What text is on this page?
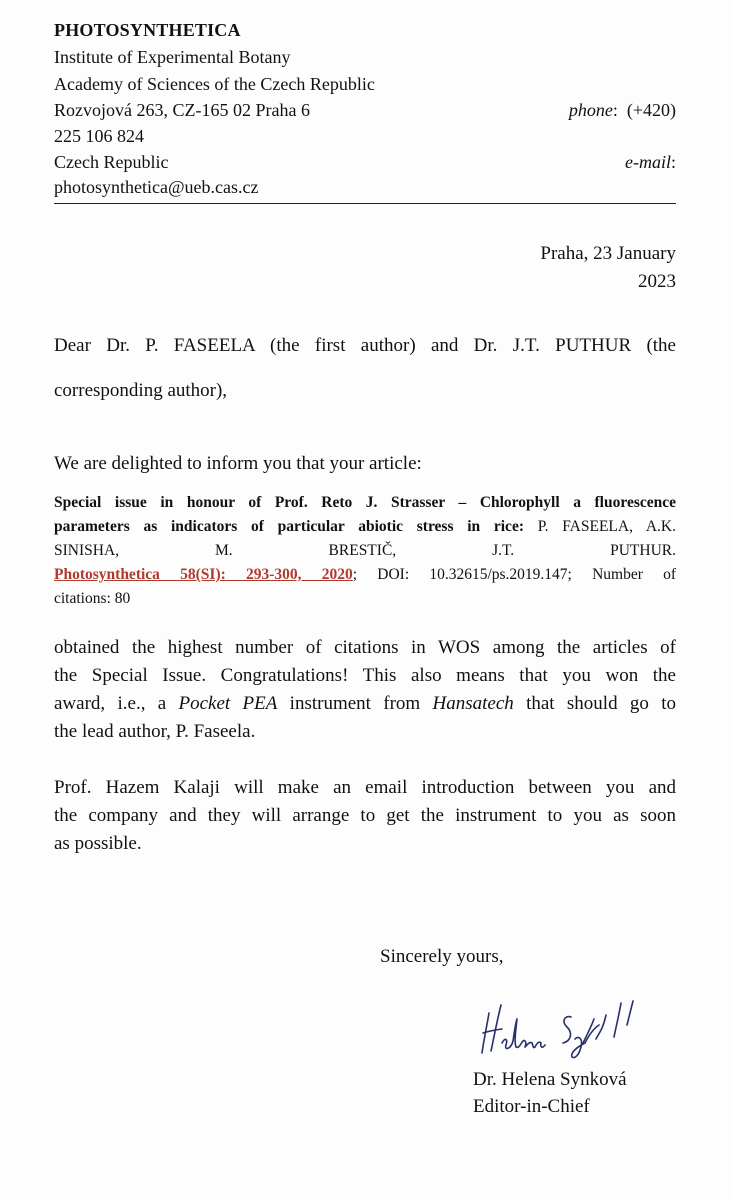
PHOTOSYNTHETICA
Institute of Experimental Botany
Academy of Sciences of the Czech Republic
Rozvojová 263, CZ-165 02 Praha 6	phone:  (+420)
225 106 824
Czech Republic	e-mail:
photosynthetica@ueb.cas.cz
Praha, 23 January
2023
Dear Dr. P. FASEELA (the first author) and Dr. J.T. PUTHUR (the
corresponding author),
We are delighted to inform you that your article:
Special issue in honour of Prof. Reto J. Strasser – Chlorophyll a fluorescence
parameters as indicators of particular abiotic stress in rice: P. FASEELA, A.K.
SINISHA,	M.	BRESTIČ,	J.T.	PUTHUR.
Photosynthetica 58(SI): 293-300, 2020; DOI: 10.32615/ps.2019.147; Number of
citations: 80
obtained the highest number of citations in WOS among the articles of
the Special Issue. Congratulations! This also means that you won the
award, i.e., a Pocket PEA instrument from Hansatech that should go to
the lead author, P. Faseela.
Prof. Hazem Kalaji will make an email introduction between you and
the company and they will arrange to get the instrument to you as soon
as possible.
Sincerely yours,
Dr. Helena Synková
Editor-in-Chief
